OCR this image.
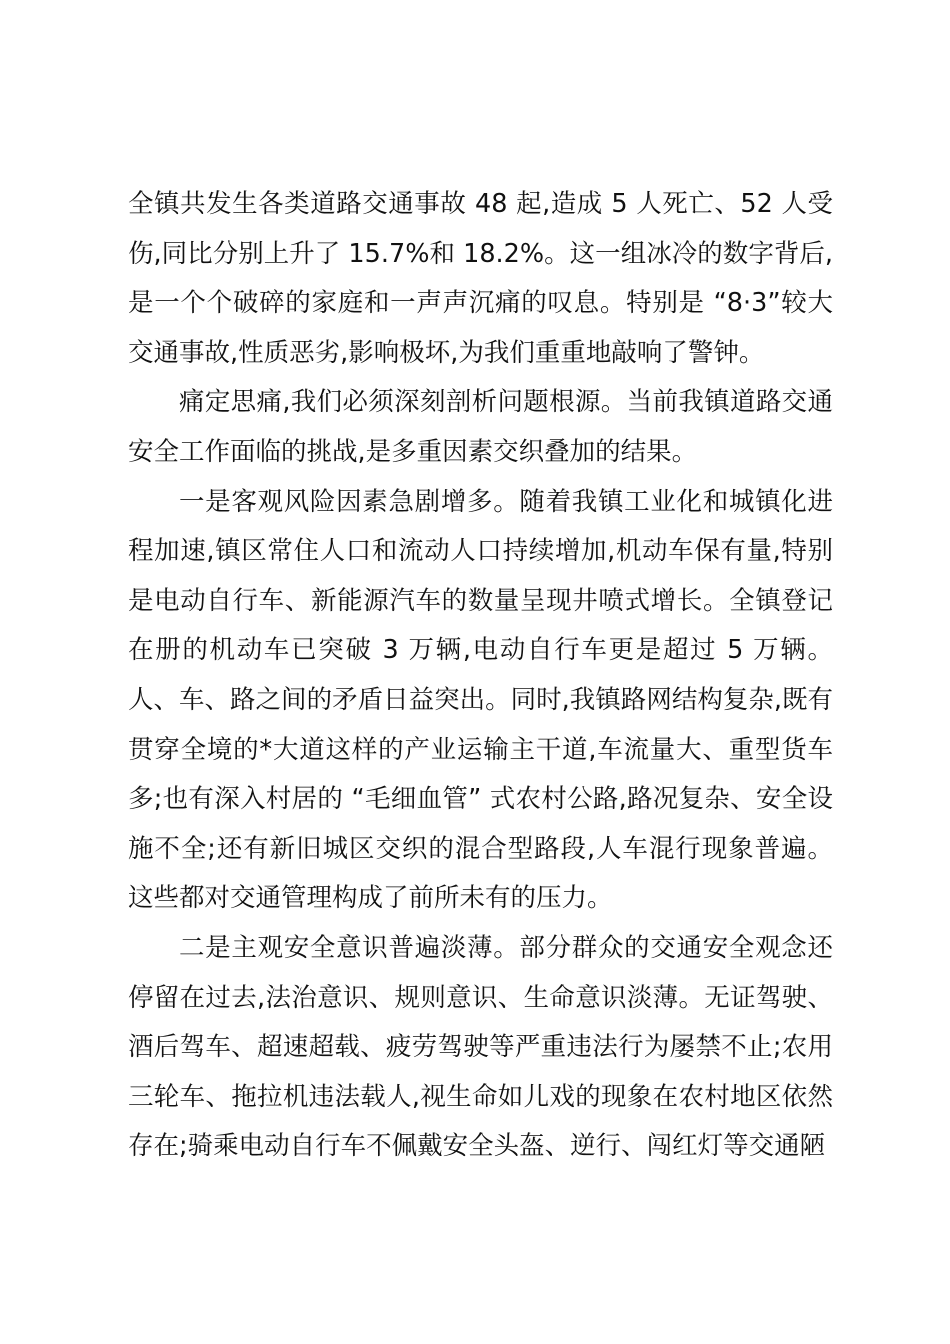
全镇共发生各类道路交通事故 48 起,造成 5 人死亡、52 人受伤,同比分别上升了 15.7%和 18.2%。这一组冰冷的数字背后,是一个个破碎的家庭和一声声沉痛的叹息。特别是 “8·3”较大交通事故,性质恶劣,影响极坏,为我们重重地敲响了警钟。

痛定思痛,我们必须深刻剖析问题根源。当前我镇道路交通安全工作面临的挑战,是多重因素交织叠加的结果。

一是客观风险因素急剧增多。随着我镇工业化和城镇化进程加速,镇区常住人口和流动人口持续增加,机动车保有量,特别是电动自行车、新能源汽车的数量呈现井喷式增长。全镇登记在册的机动车已突破 3 万辆,电动自行车更是超过 5 万辆。人、车、路之间的矛盾日益突出。同时,我镇路网结构复杂,既有贯穿全境的*大道这样的产业运输主干道,车流量大、重型货车多;也有深入村居的 “毛细血管” 式农村公路,路况复杂、安全设施不全;还有新旧城区交织的混合型路段,人车混行现象普遍。这些都对交通管理构成了前所未有的压力。

二是主观安全意识普遍淡薄。部分群众的交通安全观念还停留在过去,法治意识、规则意识、生命意识淡薄。无证驾驶、酒后驾车、超速超载、疲劳驾驶等严重违法行为屡禁不止;农用三轮车、拖拉机违法载人,视生命如儿戏的现象在农村地区依然存在;骑乘电动自行车不佩戴安全头盔、逆行、闯红灯等交通陋
